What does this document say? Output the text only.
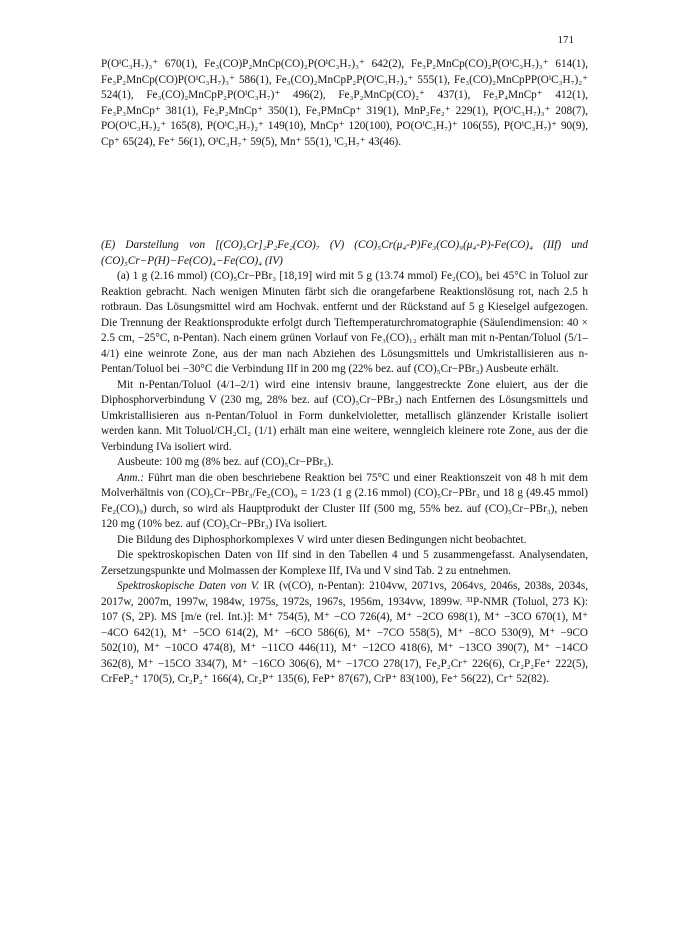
171

P(OⁱC₃H₇)₃⁺ 670(1), Fe₃(CO)P₂MnCp(CO)₂P(OⁱC₃H₇)₃⁺ 642(2), Fe₃P₂MnCp(CO)₂P(OⁱC₃H₇)₃⁺ 614(1), Fe₃P₂MnCp(CO)P(OⁱC₃H₇)₃⁺ 586(1), Fe₃(CO)₂MnCpP₂P(OⁱC₃H₇)₂⁺ 555(1), Fe₃(CO)₂MnCpPP(OⁱC₃H₇)₂⁺ 524(1), Fe₃(CO)₂MnCpP₂P(OⁱC₃H₇)⁺ 496(2), Fe₃P₂MnCp(CO)₂⁺ 437(1), Fe₃P₄MnCp⁺ 412(1), Fe₃P₃MnCp⁺ 381(1), Fe₃P₂MnCp⁺ 350(1), Fe₃PMnCp⁺ 319(1), MnP₂Fe₂⁺ 229(1), P(OⁱC₃H₇)₃⁺ 208(7), PO(OⁱC₃H₇)₂⁺ 165(8), P(OⁱC₃H₇)₂⁺ 149(10), MnCp⁺ 120(100), PO(OⁱC₃H₇)⁺ 106(55), P(OⁱC₃H₇)⁺ 90(9), Cp⁺ 65(24), Fe⁺ 56(1), OⁱC₃H₇⁺ 59(5), Mn⁺ 55(1), ⁱC₃H₇⁺ 43(46).

(E) Darstellung von [(CO)₅Cr]₂P₂Fe₂(CO)₇ (V) (CO)₅Cr(μ₄-P)Fe₃(CO)₉(μ₄-P)-Fe(CO)₄ (IIf) und (CO)₅Cr−P(H)−Fe(CO)₄−Fe(CO)₄ (IV)

(a) 1 g (2.16 mmol) (CO)₅Cr−PBr₃ [18,19] wird mit 5 g (13.74 mmol) Fe₂(CO)₉ bei 45°C in Toluol zur Reaktion gebracht. Nach wenigen Minuten färbt sich die orangefarbene Reaktionslösung rot, nach 2.5 h rotbraun. Das Lösungsmittel wird am Hochvak. entfernt und der Rückstand auf 5 g Kieselgel aufgezogen. Die Trennung der Reaktionsprodukte erfolgt durch Tieftemperaturchromatographie (Säulendimension: 40 × 2.5 cm, −25°C, n-Pentan). Nach einem grünen Vorlauf von Fe₃(CO)₁₂ erhält man mit n-Pentan/Toluol (5/1–4/1) eine weinrote Zone, aus der man nach Abziehen des Lösungsmittels und Umkristallisieren aus n-Pentan/Toluol bei −30°C die Verbindung IIf in 200 mg (22% bez. auf (CO)₅Cr−PBr₃) Ausbeute erhält.

Mit n-Pentan/Toluol (4/1–2/1) wird eine intensiv braune, langgestreckte Zone eluiert, aus der die Diphosphorverbindung V (230 mg, 28% bez. auf (CO)₅Cr−PBr₃) nach Entfernen des Lösungsmittels und Umkristallisieren aus n-Pentan/Toluol in Form dunkelvioletter, metallisch glänzender Kristalle isoliert werden kann. Mit Toluol/CH₂Cl₂ (1/1) erhält man eine weitere, wenngleich kleinere rote Zone, aus der die Verbindung IVa isoliert wird.

Ausbeute: 100 mg (8% bez. auf (CO)₅Cr−PBr₃).

Anm.: Führt man die oben beschriebene Reaktion bei 75°C und einer Reaktionszeit von 48 h mit dem Molverhältnis von (CO)₅Cr−PBr₃/Fe₂(CO)₉ = 1/23 (1 g (2.16 mmol) (CO)₅Cr−PBr₃ und 18 g (49.45 mmol) Fe₂(CO)₉) durch, so wird als Hauptprodukt der Cluster IIf (500 mg, 55% bez. auf (CO)₅Cr−PBr₃), neben 120 mg (10% bez. auf (CO)₅Cr−PBr₃) IVa isoliert.

Die Bildung des Diphosphorkomplexes V wird unter diesen Bedingungen nicht beobachtet.

Die spektroskopischen Daten von IIf sind in den Tabellen 4 und 5 zusammengefasst. Analysendaten, Zersetzungspunkte und Molmassen der Komplexe IIf, IVa und V sind Tab. 2 zu entnehmen.

Spektroskopische Daten von V. IR (ν(CO), n-Pentan): 2104vw, 2071vs, 2064vs, 2046s, 2038s, 2034s, 2017w, 2007m, 1997w, 1984w, 1975s, 1972s, 1967s, 1956m, 1934vw, 1899w. ³¹P-NMR (Toluol, 273 K): 107 (S, 2P). MS [m/e (rel. Int.)]: M⁺ 754(5), M⁺ −CO 726(4), M⁺ −2CO 698(1), M⁺ −3CO 670(1), M⁺ −4CO 642(1), M⁺ −5CO 614(2), M⁺ −6CO 586(6), M⁺ −7CO 558(5), M⁺ −8CO 530(9), M⁺ −9CO 502(10), M⁺ −10CO 474(8), M⁺ −11CO 446(11), M⁺ −12CO 418(6), M⁺ −13CO 390(7), M⁺ −14CO 362(8), M⁺ −15CO 334(7), M⁺ −16CO 306(6), M⁺ −17CO 278(17), Fe₂P₂Cr⁺ 226(6), Cr₂P₂Fe⁺ 222(5), CrFeP₂⁺ 170(5), Cr₂P₂⁺ 166(4), Cr₂P⁺ 135(6), FeP⁺ 87(67), CrP⁺ 83(100), Fe⁺ 56(22), Cr⁺ 52(82).
